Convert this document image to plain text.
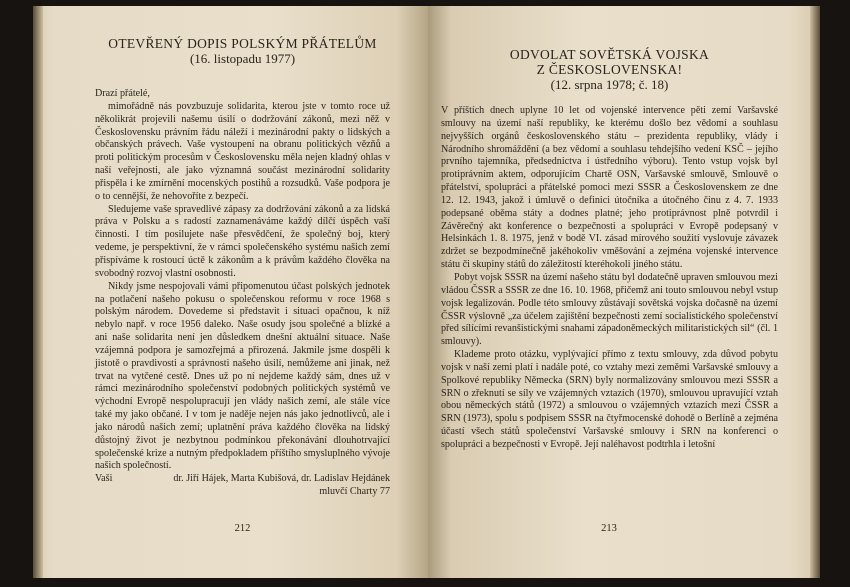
OTEVŘENÝ DOPIS POLSKÝM PŘÁTELŮM
(16. listopadu 1977)

Drazí přátelé,

mimořádně nás povzbuzuje solidarita, kterou jste v tomto roce už několikrát projevili našemu úsilí o dodržování zákonů, mezi něž v Československu právním řádu náleží i mezinárodní pakty o lidských a občanských právech. Vaše vystoupení na obranu politických vězňů a proti politickým procesům v Československu měla nejen kladný ohlas v naší veřejnosti, ale jako významná součást mezinárodní solidarity přispěla i ke zmírnění mocenských postihů a rozsudků. Vaše podpora je o to cennější, že nehovoříte z bezpečí.

Sledujeme vaše spravedlivé zápasy za dodržování zákonů a za lidská práva v Polsku a s radostí zaznamenáváme každý dílčí úspěch vaší činnosti. I tím posilujete naše přesvědčení, že společný boj, který vedeme, je perspektivní, že v rámci společenského systému našich zemí přispíváme k rostoucí úctě k zákonům a k právům každého člověka na svobodný rozvoj vlastní osobnosti.

Nikdy jsme nespojovali vámi připomenutou účast polských jednotek na potlačení našeho pokusu o společenskou reformu v roce 1968 s polským národem. Dovedeme si představit i situaci opačnou, k níž nebylo např. v roce 1956 daleko. Naše osudy jsou společné a blízké a ani naše solidarita není jen důsledkem dnešní aktuální situace. Naše vzájemná podpora je samozřejmá a přirozená. Jakmile jsme dospěli k jistotě o pravdivosti a správnosti našeho úsilí, nemůžeme ani jinak, než trvat na vytčené cestě. Dnes už po ní nejdeme každý sám, dnes už v rámci mezinárodního společenství podobných politických systémů ve východní Evropě nespolupracují jen vlády našich zemí, ale stále více také my jako občané. I v tom je naděje nejen nás jako jednotlivců, ale i jako národů našich zemí; uplatnění práva každého člověka na lidský důstojný život je nezbytnou podmínkou překonávání dlouhotrvající společenské krize a nutným předpokladem příštího smysluplného vývoje našich společností.

Vaši	dr. Jiří Hájek, Marta Kubišová, dr. Ladislav Hejdánek
mluvčí Charty 77
212
ODVOLAT SOVĚTSKÁ VOJSKA
Z ČESKOSLOVENSKA!
(12. srpna 1978; č. 18)

V příštích dnech uplyne 10 let od vojenské intervence pěti zemí Varšavské smlouvy na území naší republiky, ke kterému došlo bez vědomí a souhlasu nejvyšších orgánů československého státu – prezidenta republiky, vlády i Národního shromáždění (a bez vědomí a souhlasu tehdejšího vedení KSČ – jejího prvního tajemníka, předsednictva i ústředního výboru). Tento vstup vojsk byl protiprávním aktem, odporujícím Chartě OSN, Varšavské smlouvě, Smlouvě o přátelství, spolupráci a přátelské pomoci mezi SSSR a Československem ze dne 12. 12. 1943, jakož i úmluvě o definici útočníka a útočného činu z 4. 7. 1933 podepsané oběma státy a dodnes platné; jeho protiprávnost plně potvrdil i Závěrečný akt konference o bezpečnosti a spolupráci v Evropě podepsaný v Helsinkách 1. 8. 1975, jenž v bodě VI. zásad mírového soužití vyslovuje závazek zdržet se bezpodmínečně jakéhokoliv vměšování a zejména vojenské intervence státu či skupiny států do záležitostí kteréhokoli jiného státu.

Pobyt vojsk SSSR na území našeho státu byl dodatečně upraven smlouvou mezi vládou ČSSR a SSSR ze dne 16. 10. 1968, přičemž ani touto smlouvou nebyl vstup vojsk legalizován. Podle této smlouvy zůstávají sovětská vojska dočasně na území ČSSR výslovně „za účelem zajištění bezpečnosti zemí socialistického společenství před sílícími revanšistickými snahami západoněmeckých militaristických sil“ (čl. 1 smlouvy).

Klademe proto otázku, vyplývající přímo z textu smlouvy, zda důvod pobytu vojsk v naší zemi platí i nadále poté, co vztahy mezi zeměmi Varšavské smlouvy a Spolkové republiky Německa (SRN) byly normalizovány smlouvou mezi SSSR a SRN o zřeknutí se síly ve vzájemných vztazích (1970), smlouvou upravující vztah obou německých států (1972) a smlouvou o vzájemných vztazích mezi ČSSR a SRN (1973), spolu s podpisem SSSR na čtyřmocenské dohodě o Berlíně a zejména účastí všech států společenství Varšavské smlouvy i SRN na konferenci o spolupráci a bezpečnosti v Evropě. Její naléhavost podtrhla i letošní

213
